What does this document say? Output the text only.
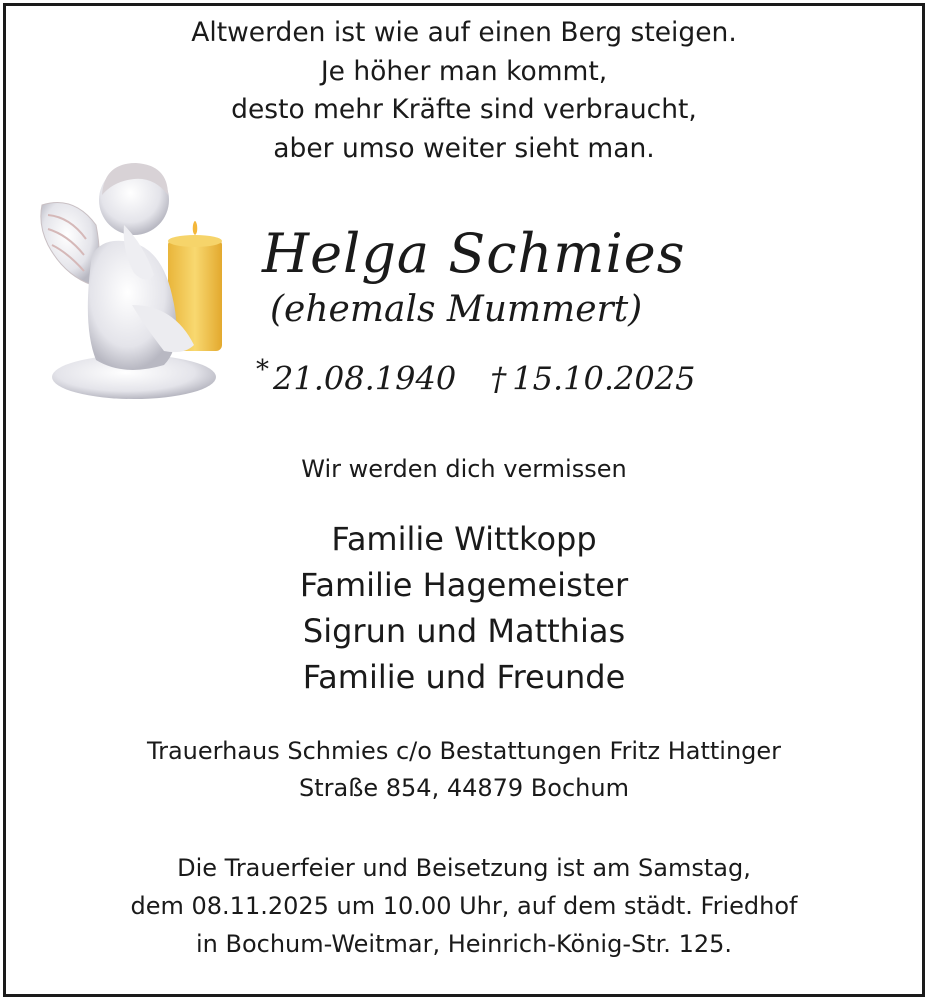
Altwerden ist wie auf einen Berg steigen.
Je höher man kommt,
desto mehr Kräfte sind verbraucht,
aber umso weiter sieht man.
Helga Schmies
(ehemals Mummert)
* 21.08.1940 † 15.10.2025
Wir werden dich vermissen
Familie Wittkopp
Familie Hagemeister
Sigrun und Matthias
Familie und Freunde
Trauerhaus Schmies c/o Bestattungen Fritz Hattinger
Straße 854, 44879 Bochum
Die Trauerfeier und Beisetzung ist am Samstag,
dem 08.11.2025 um 10.00 Uhr, auf dem städt. Friedhof
in Bochum-Weitmar, Heinrich-König-Str. 125.
